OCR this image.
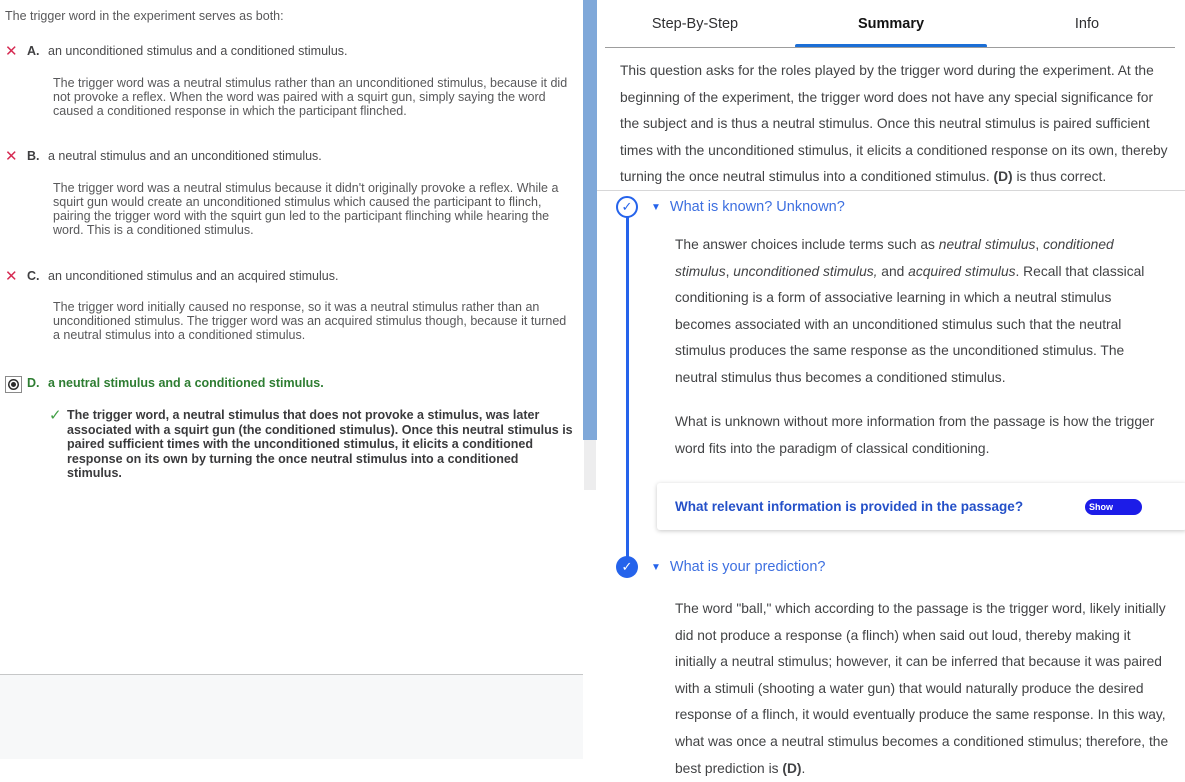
The trigger word in the experiment serves as both:
✕ A. an unconditioned stimulus and a conditioned stimulus.
The trigger word was a neutral stimulus rather than an unconditioned stimulus, because it did not provoke a reflex. When the word was paired with a squirt gun, simply saying the word caused a conditioned response in which the participant flinched.
✕ B. a neutral stimulus and an unconditioned stimulus.
The trigger word was a neutral stimulus because it didn't originally provoke a reflex. While a squirt gun would create an unconditioned stimulus which caused the participant to flinch, pairing the trigger word with the squirt gun led to the participant flinching while hearing the word. This is a conditioned stimulus.
✕ C. an unconditioned stimulus and an acquired stimulus.
The trigger word initially caused no response, so it was a neutral stimulus rather than an unconditioned stimulus. The trigger word was an acquired stimulus though, because it turned a neutral stimulus into a conditioned stimulus.
D. a neutral stimulus and a conditioned stimulus.
✓ The trigger word, a neutral stimulus that does not provoke a stimulus, was later associated with a squirt gun (the conditioned stimulus). Once this neutral stimulus is paired sufficient times with the unconditioned stimulus, it elicits a conditioned response on its own by turning the once neutral stimulus into a conditioned stimulus.
Step-By-Step	Summary	Info
This question asks for the roles played by the trigger word during the experiment. At the beginning of the experiment, the trigger word does not have any special significance for the subject and is thus a neutral stimulus. Once this neutral stimulus is paired sufficient times with the unconditioned stimulus, it elicits a conditioned response on its own, thereby turning the once neutral stimulus into a conditioned stimulus. (D) is thus correct.
✓	▼ What is known? Unknown?
The answer choices include terms such as neutral stimulus, conditioned stimulus, unconditioned stimulus, and acquired stimulus. Recall that classical conditioning is a form of associative learning in which a neutral stimulus becomes associated with an unconditioned stimulus such that the neutral stimulus produces the same response as the unconditioned stimulus. The neutral stimulus thus becomes a conditioned stimulus.
What is unknown without more information from the passage is how the trigger word fits into the paradigm of classical conditioning.
What relevant information is provided in the passage?	Show
✓	▼ What is your prediction?
The word "ball," which according to the passage is the trigger word, likely initially did not produce a response (a flinch) when said out loud, thereby making it initially a neutral stimulus; however, it can be inferred that because it was paired with a stimuli (shooting a water gun) that would naturally produce the desired response of a flinch, it would eventually produce the same response. In this way, what was once a neutral stimulus becomes a conditioned stimulus; therefore, the best prediction is (D).
